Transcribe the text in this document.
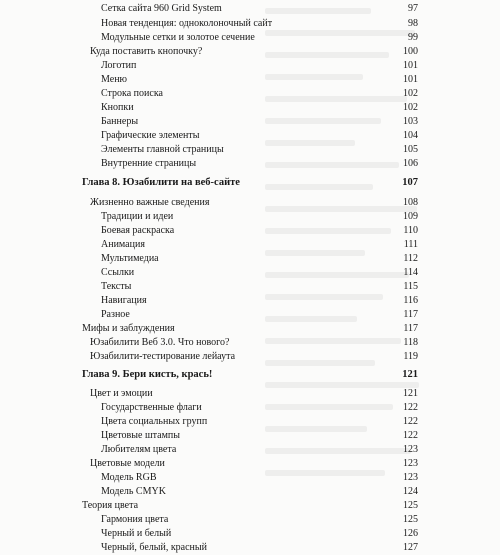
Сетка сайта 960 Grid System	97
Новая тенденция: одноколоночный сайт	98
Модульные сетки и золотое сечение	99
Куда поставить кнопочку?	100
Логотип	101
Меню	101
Строка поиска	102
Кнопки	102
Баннеры	103
Графические элементы	104
Элементы главной страницы	105
Внутренние страницы	106
Глава 8. Юзабилити на веб-сайте	107
Жизненно важные сведения	108
Традиции и идеи	109
Боевая раскраска	110
Анимация	111
Мультимедиа	112
Ссылки	114
Тексты	115
Навигация	116
Разное	117
Мифы и заблуждения	117
Юзабилити Веб 3.0. Что нового?	118
Юзабилити-тестирование лейаута	119
Глава 9. Бери кисть, крась!	121
Цвет и эмоции	121
Государственные флаги	122
Цвета социальных групп	122
Цветовые штампы	122
Любителям цвета	123
Цветовые модели	123
Модель RGB	123
Модель CMYK	124
Теория цвета	125
Гармония цвета	125
Черный и белый	126
Черный, белый, красный	127
